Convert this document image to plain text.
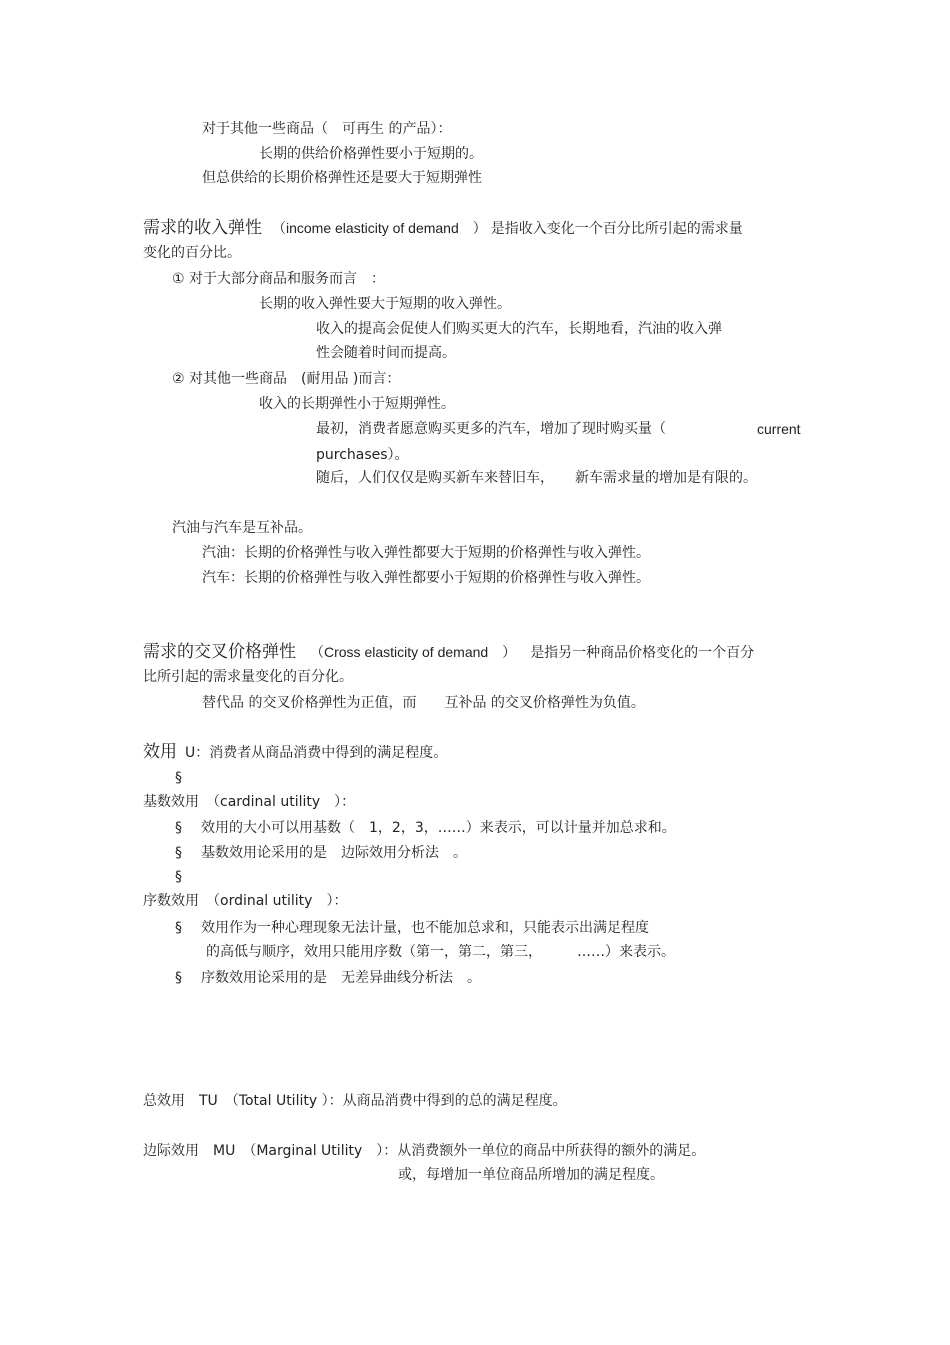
对于其他一些商品（　可再生 的产品）：
长期的供给价格弹性要小于短期的。
但总供给的长期价格弹性还是要大于短期弹性
需求的收入弹性 （income elasticity of demand　） 是指收入变化一个百分比所引起的需求量
变化的百分比。
① 对于大部分商品和服务而言　：
长期的收入弹性要大于短期的收入弹性。
收入的提高会促使人们购买更大的汽车，长期地看，汽油的收入弹
性会随着时间而提高。
② 对其他一些商品　(耐用品 )而言：
收入的长期弹性小于短期弹性。
最初，消费者愿意购买更多的汽车，增加了现时购买量（	current
purchases）。
随后，人们仅仅是购买新车来替旧车，　　新车需求量的增加是有限的。
汽油与汽车是互补品。
汽油：长期的价格弹性与收入弹性都要大于短期的价格弹性与收入弹性。
汽车：长期的价格弹性与收入弹性都要小于短期的价格弹性与收入弹性。
需求的交叉价格弹性 （Cross elasticity of demand　） 是指另一种商品价格变化的一个百分
比所引起的需求量变化的百分化。
替代品 的交叉价格弹性为正值，而　　互补品 的交叉价格弹性为负值。
效用 U：消费者从商品消费中得到的满足程度。
§
基数效用　（cardinal utility　）：
§ 效用的大小可以用基数（　1，2，3，……）来表示，可以计量并加总求和。
§ 基数效用论采用的是　边际效用分析法　。
§
序数效用　（ordinal utility　）：
§ 效用作为一种心理现象无法计量，也不能加总求和，只能表示出满足程度
的高低与顺序，效用只能用序数（第一，第二，第三，　　　……）来表示。
§ 序数效用论采用的是　无差异曲线分析法　。
总效用　TU　（Total Utility ）：从商品消费中得到的总的满足程度。
边际效用　MU　（Marginal Utility　）：从消费额外一单位的商品中所获得的额外的满足。
或，每增加一单位商品所增加的满足程度。
